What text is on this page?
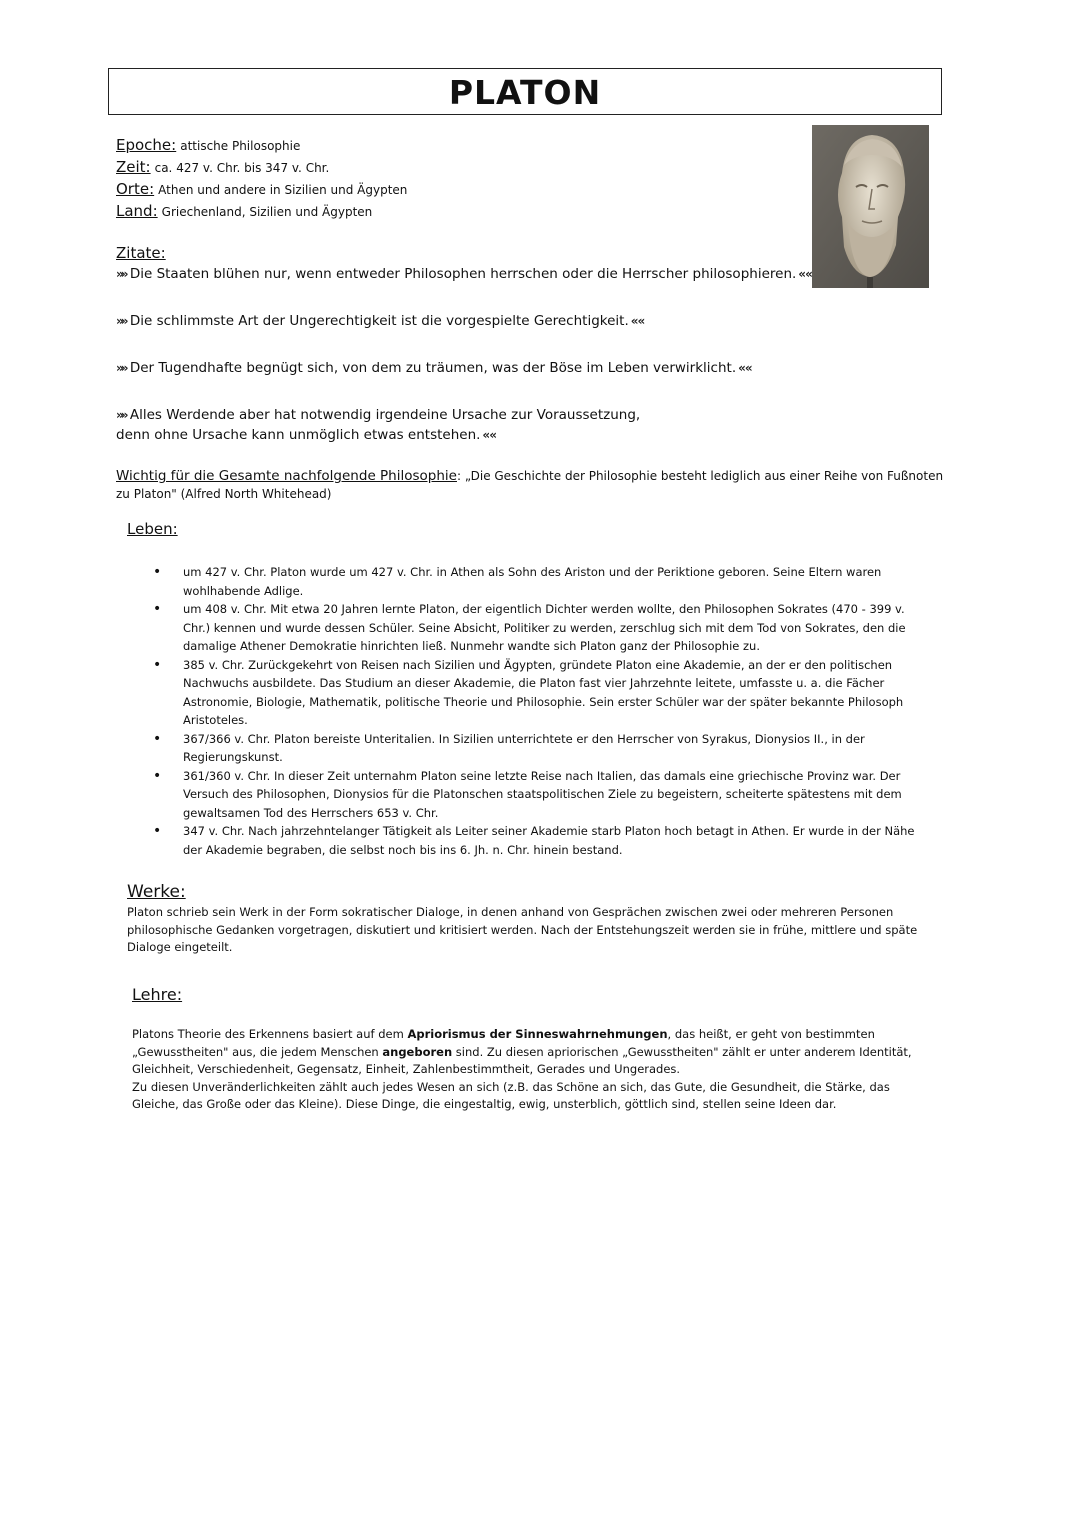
PLATON
Epoche: attische Philosophie
Zeit: ca. 427 v. Chr. bis 347 v. Chr.
Orte: Athen und andere in Sizilien und Ägypten
Land: Griechenland, Sizilien und Ägypten
Zitate:
»» Die Staaten blühen nur, wenn entweder Philosophen herrschen oder die Herrscher philosophieren. « «
»» Die schlimmste Art der Ungerechtigkeit ist die vorgespielte Gerechtigkeit. « «
»» Der Tugendhafte begnügt sich, von dem zu träumen, was der Böse im Leben verwirklicht. « «
»» Alles Werdende aber hat notwendig irgendeine Ursache zur Voraussetzung,
denn ohne Ursache kann unmöglich etwas entstehen. « «
Wichtig für die Gesamte nachfolgende Philosophie: „Die Geschichte der Philosophie besteht lediglich aus einer Reihe von Fußnoten zu Platon" (Alfred North Whitehead)
Leben:
• um 427 v. Chr. Platon wurde um 427 v. Chr. in Athen als Sohn des Ariston und der Periktione geboren. Seine Eltern waren wohlhabende Adlige.
• um 408 v. Chr. Mit etwa 20 Jahren lernte Platon, der eigentlich Dichter werden wollte, den Philosophen Sokrates (470 - 399 v. Chr.) kennen und wurde dessen Schüler. Seine Absicht, Politiker zu werden, zerschlug sich mit dem Tod von Sokrates, den die damalige Athener Demokratie hinrichten ließ. Nunmehr wandte sich Platon ganz der Philosophie zu.
• 385 v. Chr. Zurückgekehrt von Reisen nach Sizilien und Ägypten, gründete Platon eine Akademie, an der er den politischen Nachwuchs ausbildete. Das Studium an dieser Akademie, die Platon fast vier Jahrzehnte leitete, umfasste u. a. die Fächer Astronomie, Biologie, Mathematik, politische Theorie und Philosophie. Sein erster Schüler war der später bekannte Philosoph Aristoteles.
• 367/366 v. Chr. Platon bereiste Unteritalien. In Sizilien unterrichtete er den Herrscher von Syrakus, Dionysios II., in der Regierungskunst.
• 361/360 v. Chr. In dieser Zeit unternahm Platon seine letzte Reise nach Italien, das damals eine griechische Provinz war. Der Versuch des Philosophen, Dionysios für die Platonschen staatspolitischen Ziele zu begeistern, scheiterte spätestens mit dem gewaltsamen Tod des Herrschers 653 v. Chr.
• 347 v. Chr. Nach jahrzehntelanger Tätigkeit als Leiter seiner Akademie starb Platon hoch betagt in Athen. Er wurde in der Nähe der Akademie begraben, die selbst noch bis ins 6. Jh. n. Chr. hinein bestand.
Werke:
Platon schrieb sein Werk in der Form sokratischer Dialoge, in denen anhand von Gesprächen zwischen zwei oder mehreren Personen philosophische Gedanken vorgetragen, diskutiert und kritisiert werden. Nach der Entstehungszeit werden sie in frühe, mittlere und späte Dialoge eingeteilt.
Lehre:
Platons Theorie des Erkennens basiert auf dem Apriorismus der Sinneswahrnehmungen, das heißt, er geht von bestimmten „Gewusstheiten" aus, die jedem Menschen angeboren sind. Zu diesen apriorischen „Gewusstheiten" zählt er unter anderem Identität, Gleichheit, Verschiedenheit, Gegensatz, Einheit, Zahlenbestimmtheit, Gerades und Ungerades.
Zu diesen Unveränderlichkeiten zählt auch jedes Wesen an sich (z.B. das Schöne an sich, das Gute, die Gesundheit, die Stärke, das Gleiche, das Große oder das Kleine). Diese Dinge, die eingestaltig, ewig, unsterblich, göttlich sind, stellen seine Ideen dar.
